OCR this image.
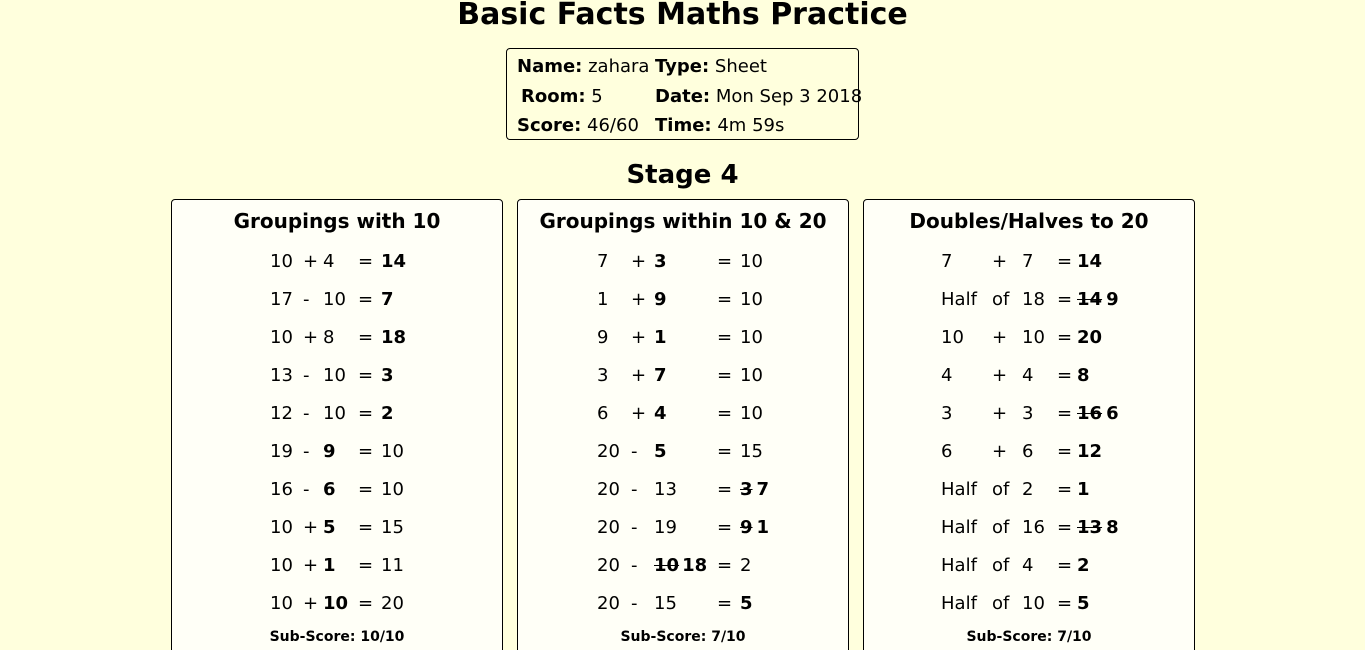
Basic Facts Maths Practice
Name: zahara
Room: 5
Score: 46/60
Type: Sheet
Date: Mon Sep 3 2018
Time: 4m 59s
Stage 4
Groupings with 10
10 + 4 = 14
17 - 10 = 7
10 + 8 = 18
13 - 10 = 3
12 - 10 = 2
19 - 9 = 10
16 - 6 = 10
10 + 5 = 15
10 + 1 = 11
10 + 10 = 20
Sub-Score: 10/10
Groupings within 10 & 20
7 + 3	= 10
1 + 9	= 10
9 + 1	= 10
3 + 7	= 10
6 + 4	= 10
20 - 5	= 15
20 - 13 = 3 7
20 - 19 = 9 1
20 - 10 18 = 2
20 - 15 = 5
Sub-Score: 7/10
Doubles/Halves to 20
7 + 7 = 14
Half of 18 = 14 9
10 + 10 = 20
4 + 4 = 8
3 + 3 = 16 6
6 + 6 = 12
Half of 2 = 1
Half of 16 = 13 8
Half of 4 = 2
Half of 10 = 5
Sub-Score: 7/10
